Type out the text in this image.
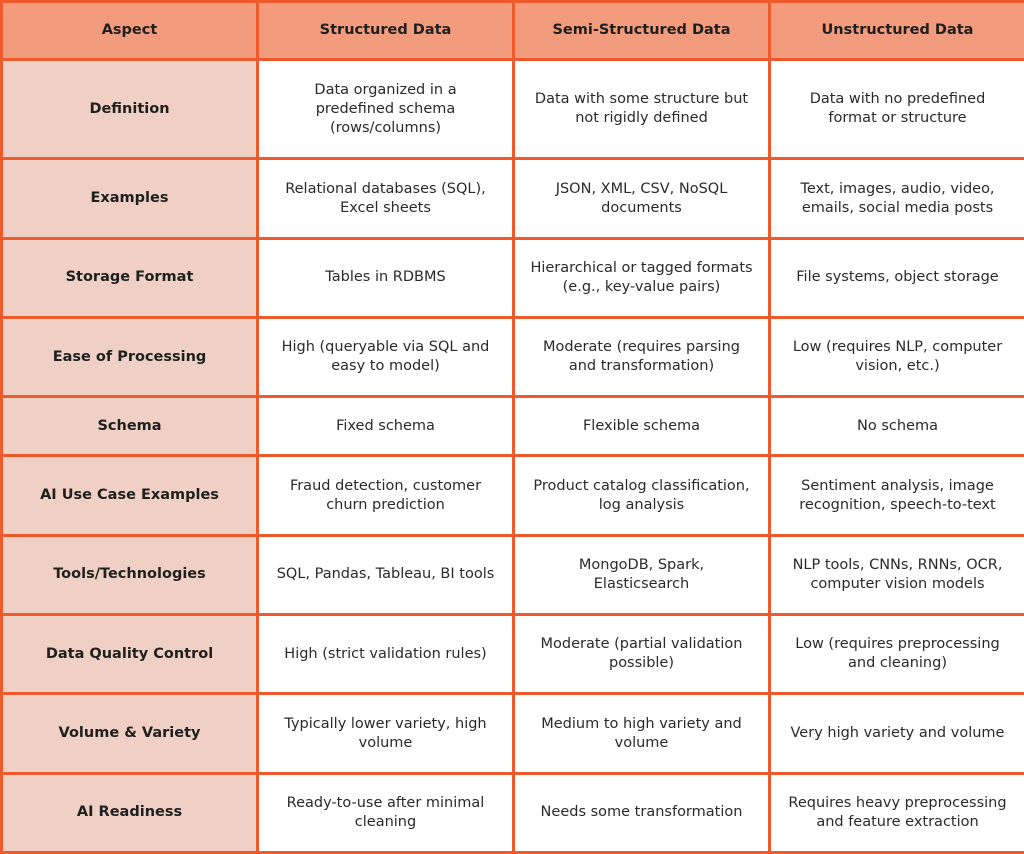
Aspect	Structured Data	Semi-Structured Data	Unstructured Data
Definition	Data organized in a predefined schema (rows/columns)	Data with some structure but not rigidly defined	Data with no predefined format or structure
Examples	Relational databases (SQL), Excel sheets	JSON, XML, CSV, NoSQL documents	Text, images, audio, video, emails, social media posts
Storage Format	Tables in RDBMS	Hierarchical or tagged formats (e.g., key-value pairs)	File systems, object storage
Ease of Processing	High (queryable via SQL and easy to model)	Moderate (requires parsing and transformation)	Low (requires NLP, computer vision, etc.)
Schema	Fixed schema	Flexible schema	No schema
AI Use Case Examples	Fraud detection, customer churn prediction	Product catalog classification, log analysis	Sentiment analysis, image recognition, speech-to-text
Tools/Technologies	SQL, Pandas, Tableau, BI tools	MongoDB, Spark, Elasticsearch	NLP tools, CNNs, RNNs, OCR, computer vision models
Data Quality Control	High (strict validation rules)	Moderate (partial validation possible)	Low (requires preprocessing and cleaning)
Volume & Variety	Typically lower variety, high volume	Medium to high variety and volume	Very high variety and volume
AI Readiness	Ready-to-use after minimal cleaning	Needs some transformation	Requires heavy preprocessing and feature extraction
